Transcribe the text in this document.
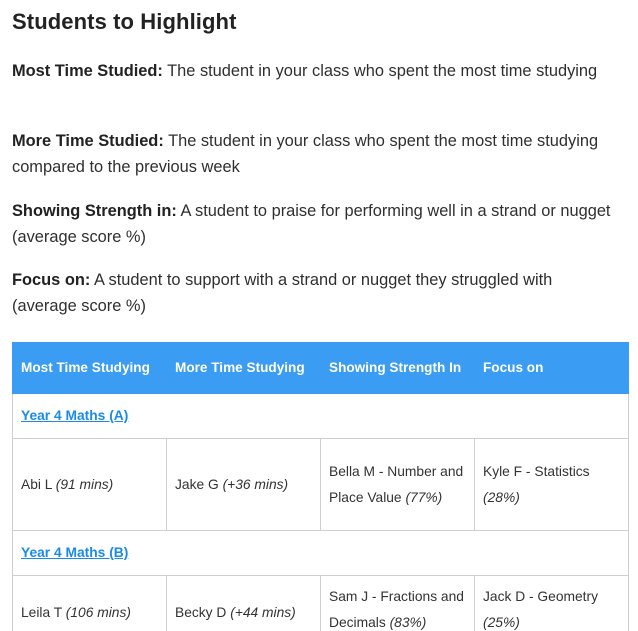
Students to Highlight
Most Time Studied: The student in your class who spent the most time studying
More Time Studied: The student in your class who spent the most time studying compared to the previous week
Showing Strength in: A student to praise for performing well in a strand or nugget (average score %)
Focus on: A student to support with a strand or nugget they struggled with (average score %)
Most Time Studying	More Time Studying	Showing Strength In	Focus on
Year 4 Maths (A)			
Abi L (91 mins)	Jake G (+36 mins)	Bella M - Number and Place Value (77%)	Kyle F - Statistics (28%)
Year 4 Maths (B)			
Leila T (106 mins)	Becky D (+44 mins)	Sam J - Fractions and Decimals (83%)	Jack D - Geometry (25%)
